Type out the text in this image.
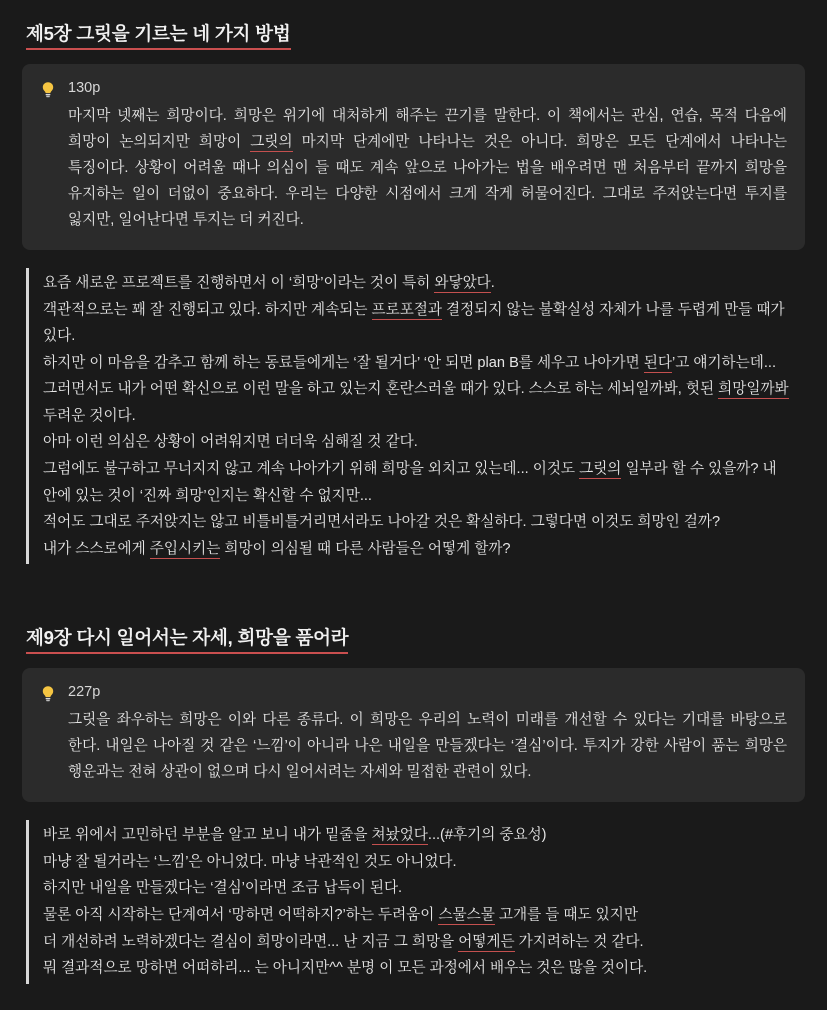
제5장 그릿을 기르는 네 가지 방법
130p
마지막 넷째는 희망이다. 희망은 위기에 대처하게 해주는 끈기를 말한다. 이 책에서는 관심, 연습, 목적 다음에 희망이 논의되지만 희망이 그릿의 마지막 단계에만 나타나는 것은 아니다. 희망은 모든 단계에서 나타나는 특징이다. 상황이 어려울 때나 의심이 들 때도 계속 앞으로 나아가는 법을 배우려면 맨 처음부터 끝까지 희망을 유지하는 일이 더없이 중요하다. 우리는 다양한 시점에서 크게 작게 허물어진다. 그대로 주저앉는다면 투지를 잃지만, 일어난다면 투지는 더 커진다.
요즘 새로운 프로젝트를 진행하면서 이 ‘희망’이라는 것이 특히 와닿았다.
객관적으로는 꽤 잘 진행되고 있다. 하지만 계속되는 프로포절과 결정되지 않는 불확실성 자체가 나를 두렵게 만들 때가 있다.
하지만 이 마음을 감추고 함께 하는 동료들에게는 ‘잘 될거다’ ‘안 되면 plan B를 세우고 나아가면 된다’고 얘기하는데...
그러면서도 내가 어떤 확신으로 이런 말을 하고 있는지 혼란스러울 때가 있다. 스스로 하는 세뇌일까봐, 헛된 희망일까봐 두려운 것이다.
아마 이런 의심은 상황이 어려워지면 더더욱 심해질 것 같다.
그럼에도 불구하고 무너지지 않고 계속 나아가기 위해 희망을 외치고 있는데... 이것도 그릿의 일부라 할 수 있을까? 내 안에 있는 것이 ‘진짜 희망’인지는 확신할 수 없지만...
적어도 그대로 주저앉지는 않고 비틀비틀거리면서라도 나아갈 것은 확실하다. 그렇다면 이것도 희망인 걸까?
내가 스스로에게 주입시키는 희망이 의심될 때 다른 사람들은 어떻게 할까?
제9장 다시 일어서는 자세, 희망을 품어라
227p
그릿을 좌우하는 희망은 이와 다른 종류다. 이 희망은 우리의 노력이 미래를 개선할 수 있다는 기대를 바탕으로 한다. 내일은 나아질 것 같은 ‘느낌’이 아니라 나은 내일을 만들겠다는 ‘결심’이다. 투지가 강한 사람이 품는 희망은 행운과는 전혀 상관이 없으며 다시 일어서려는 자세와 밀접한 관련이 있다.
바로 위에서 고민하던 부분을 알고 보니 내가 밑줄을 쳐놨었다...(#후기의 중요성)
마냥 잘 될거라는 ‘느낌’은 아니었다. 마냥 낙관적인 것도 아니었다.
하지만 내일을 만들겠다는 ‘결심’이라면 조금 납득이 된다.
물론 아직 시작하는 단계여서 ‘망하면 어떡하지?’하는 두려움이 스물스물 고개를 들 때도 있지만
더 개선하려 노력하겠다는 결심이 희망이라면... 난 지금 그 희망을 어떻게든 가지려하는 것 같다.
뭐 결과적으로 망하면 어떠하리... 는 아니지만^^ 분명 이 모든 과정에서 배우는 것은 많을 것이다.
